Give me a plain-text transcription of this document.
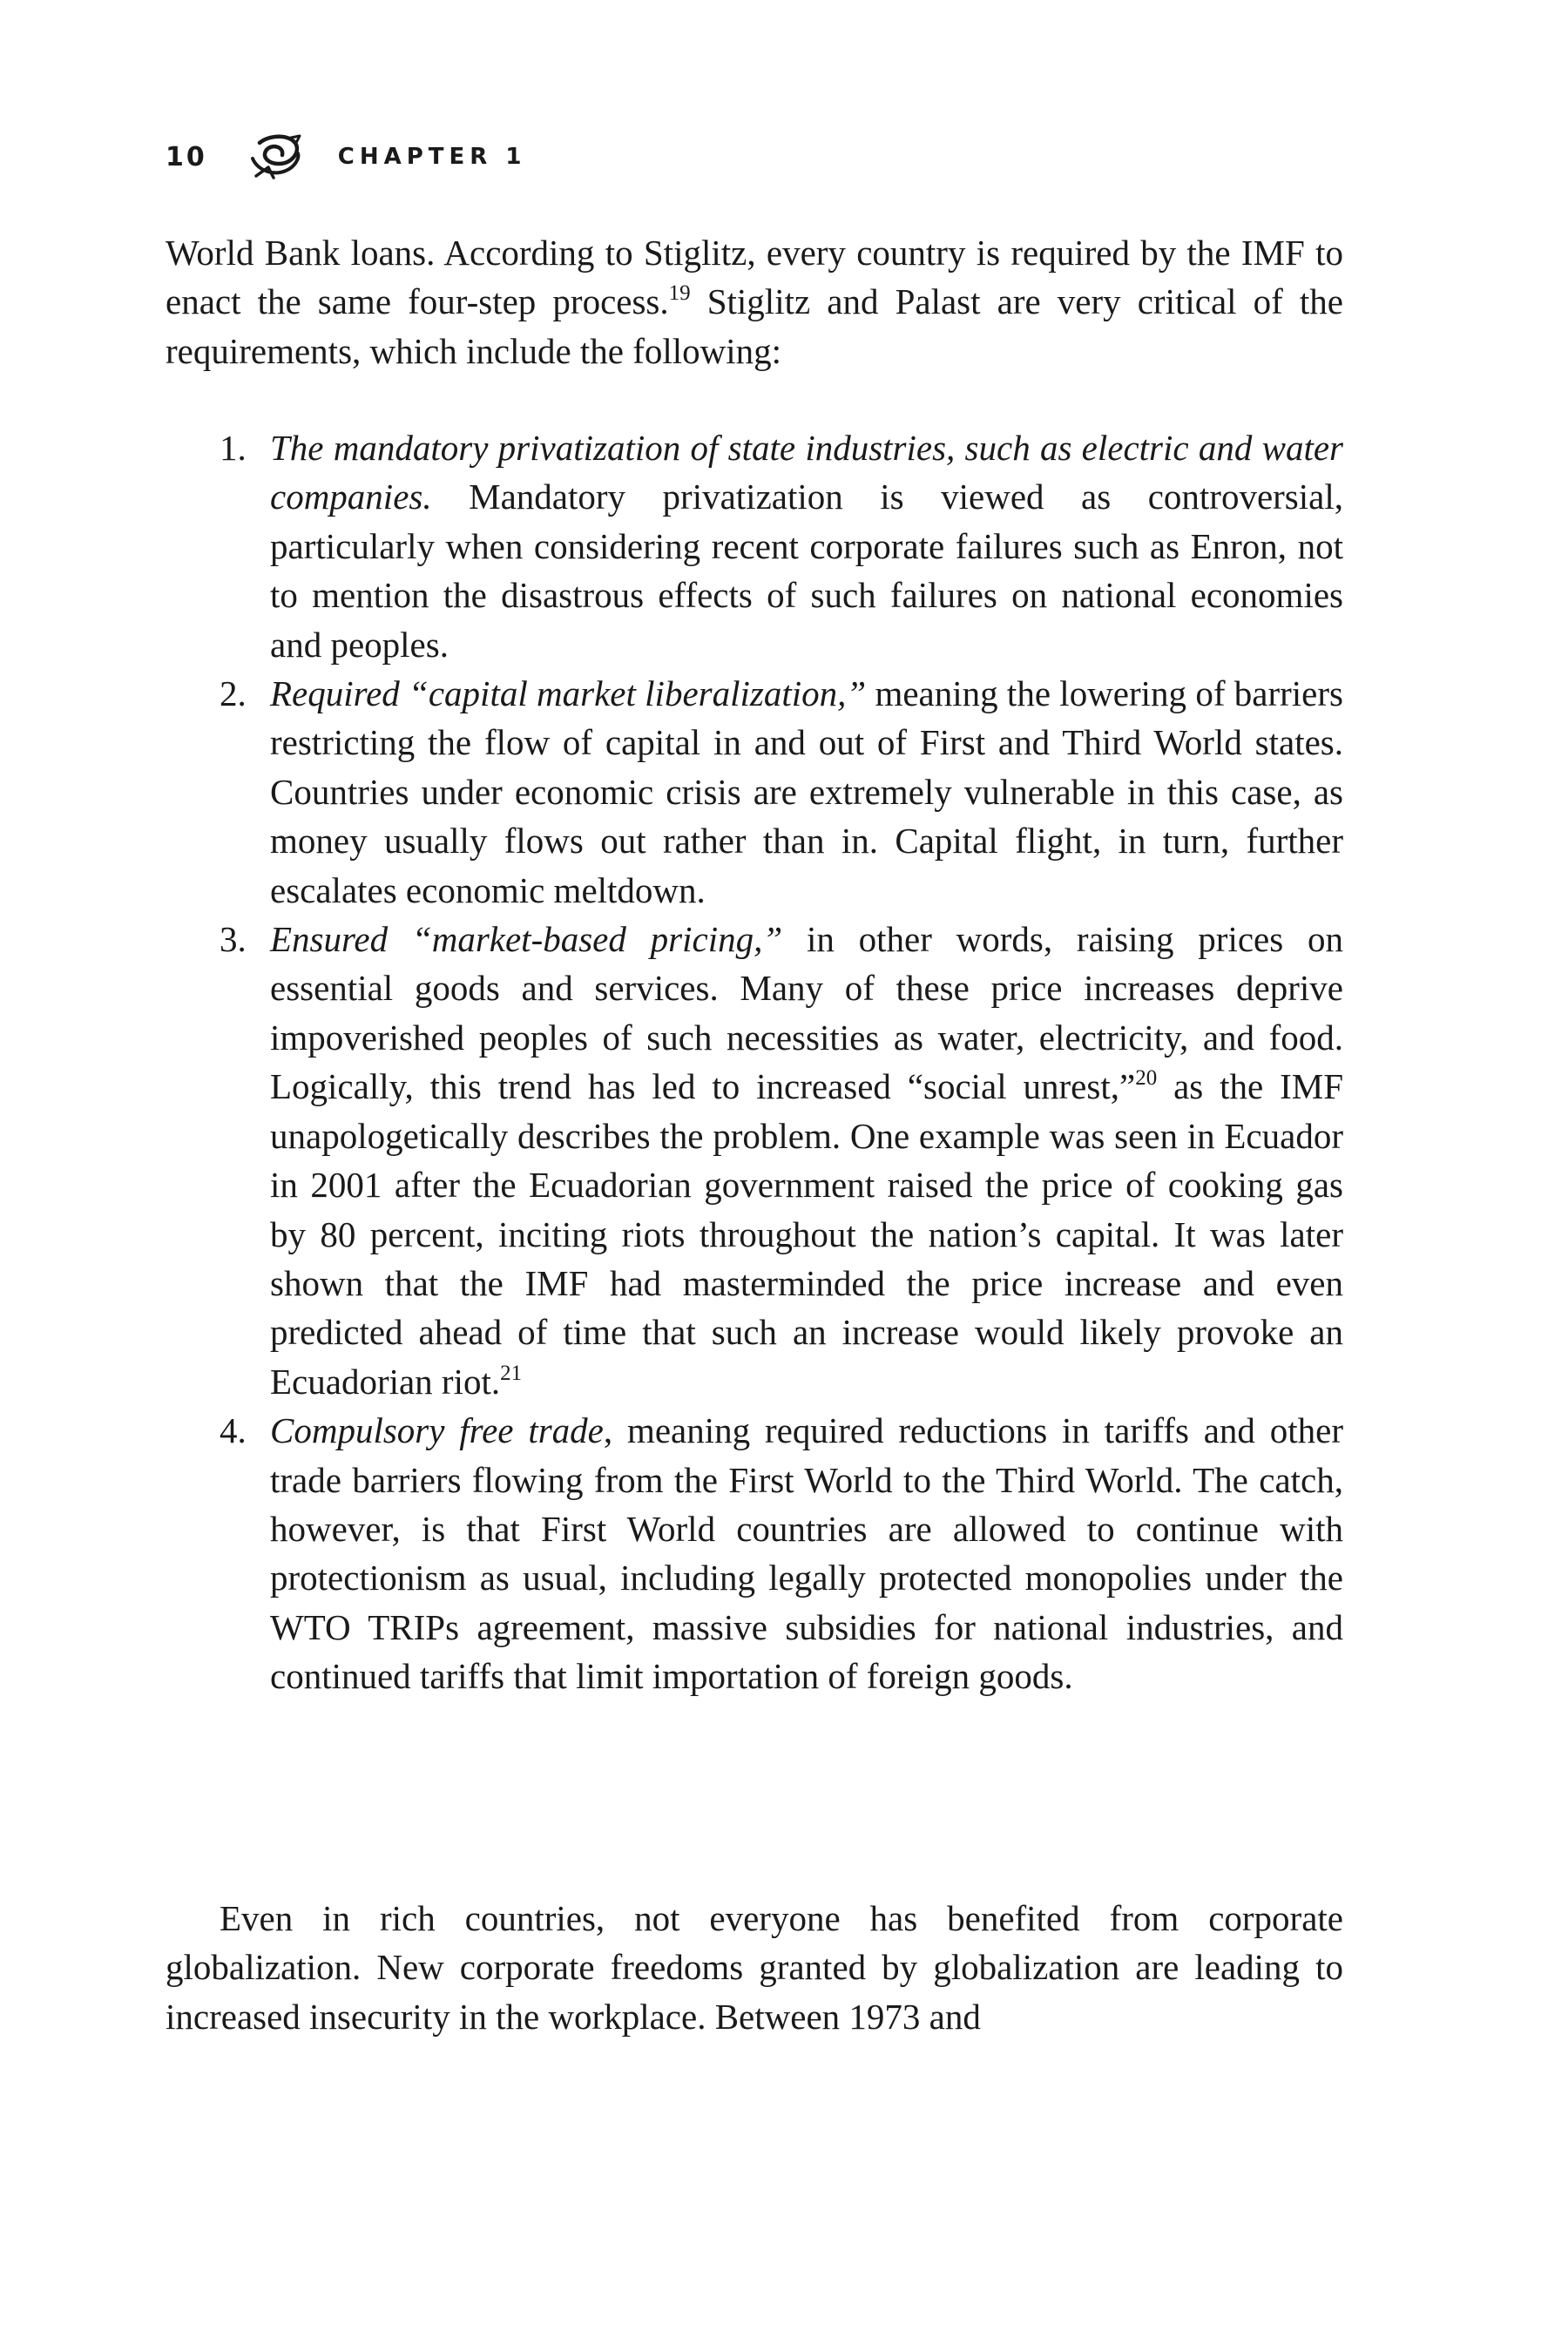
10	CHAPTER 1

World Bank loans. According to Stiglitz, every country is required by the IMF to enact the same four-step process.$^{19}$ Stiglitz and Palast are very critical of the requirements, which include the following:

1. The mandatory privatization of state industries, such as electric and water companies. Mandatory privatization is viewed as controversial, particularly when considering recent corporate failures such as Enron, not to mention the disastrous effects of such failures on national economies and peoples.
2. Required “capital market liberalization,” meaning the lowering of barriers restricting the flow of capital in and out of First and Third World states. Countries under economic crisis are extremely vulnerable in this case, as money usually flows out rather than in. Capital flight, in turn, further escalates economic meltdown.
3. Ensured “market-based pricing,” in other words, raising prices on essential goods and services. Many of these price increases deprive impoverished peoples of such necessities as water, electricity, and food. Logically, this trend has led to increased “social unrest,”$^{20}$ as the IMF unapologetically describes the problem. One example was seen in Ecuador in 2001 after the Ecuadorian government raised the price of cooking gas by 80 percent, inciting riots throughout the nation’s capital. It was later shown that the IMF had masterminded the price increase and even predicted ahead of time that such an increase would likely provoke an Ecuadorian riot.$^{21}$
4. Compulsory free trade, meaning required reductions in tariffs and other trade barriers flowing from the First World to the Third World. The catch, however, is that First World countries are allowed to continue with protectionism as usual, including legally protected monopolies under the WTO TRIPs agreement, massive subsidies for national industries, and continued tariffs that limit importation of foreign goods.

Even in rich countries, not everyone has benefited from corporate globalization. New corporate freedoms granted by globalization are leading to increased insecurity in the workplace. Between 1973 and
